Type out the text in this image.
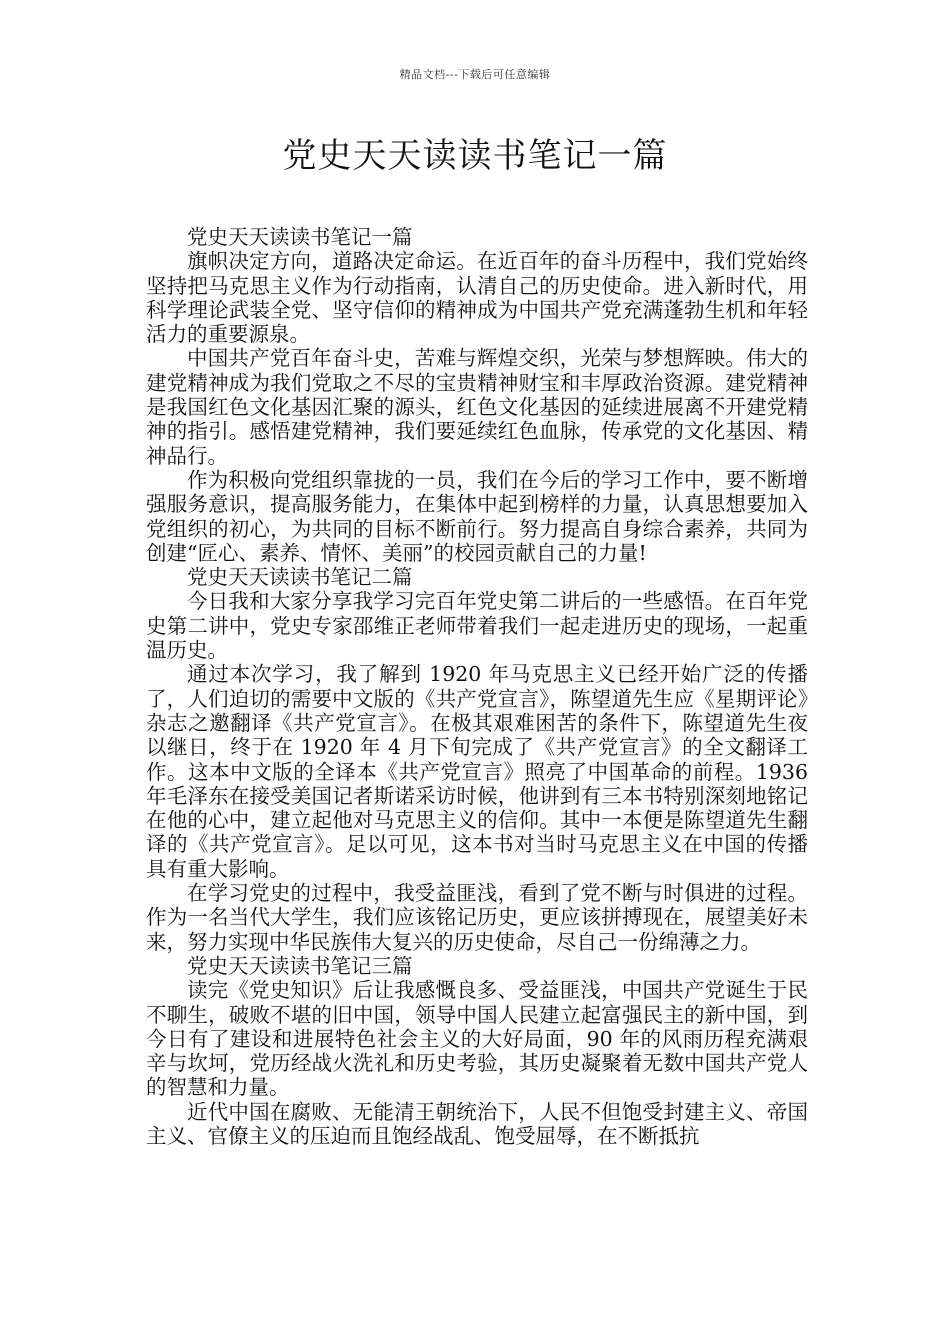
精品文档---下载后可任意编辑
党史天天读读书笔记一篇

党史天天读读书笔记一篇

旗帜决定方向，道路决定命运。在近百年的奋斗历程中，我们党始终坚持把马克思主义作为行动指南，认清自己的历史使命。进入新时代，用科学理论武装全党、坚守信仰的精神成为中国共产党充满蓬勃生机和年轻活力的重要源泉。

中国共产党百年奋斗史，苦难与辉煌交织，光荣与梦想辉映。伟大的建党精神成为我们党取之不尽的宝贵精神财宝和丰厚政治资源。建党精神是我国红色文化基因汇聚的源头，红色文化基因的延续进展离不开建党精神的指引。感悟建党精神，我们要延续红色血脉，传承党的文化基因、精神品行。

作为积极向党组织靠拢的一员，我们在今后的学习工作中，要不断增强服务意识，提高服务能力，在集体中起到榜样的力量，认真思想要加入党组织的初心，为共同的目标不断前行。努力提高自身综合素养，共同为创建“匠心、素养、情怀、美丽”的校园贡献自己的力量!

党史天天读读书笔记二篇

今日我和大家分享我学习完百年党史第二讲后的一些感悟。在百年党史第二讲中，党史专家邵维正老师带着我们一起走进历史的现场，一起重温历史。

通过本次学习，我了解到 1920 年马克思主义已经开始广泛的传播了，人们迫切的需要中文版的《共产党宣言》，陈望道先生应《星期评论》杂志之邀翻译《共产党宣言》。在极其艰难困苦的条件下，陈望道先生夜以继日，终于在 1920 年 4 月下旬完成了《共产党宣言》的全文翻译工作。这本中文版的全译本《共产党宣言》照亮了中国革命的前程。1936 年毛泽东在接受美国记者斯诺采访时候，他讲到有三本书特别深刻地铭记在他的心中，建立起他对马克思主义的信仰。其中一本便是陈望道先生翻译的《共产党宣言》。足以可见，这本书对当时马克思主义在中国的传播具有重大影响。

在学习党史的过程中，我受益匪浅，看到了党不断与时俱进的过程。作为一名当代大学生，我们应该铭记历史，更应该拼搏现在，展望美好未来，努力实现中华民族伟大复兴的历史使命，尽自己一份绵薄之力。

党史天天读读书笔记三篇

读完《党史知识》后让我感慨良多、受益匪浅，中国共产党诞生于民不聊生，破败不堪的旧中国，领导中国人民建立起富强民主的新中国，到今日有了建设和进展特色社会主义的大好局面，90 年的风雨历程充满艰辛与坎坷，党历经战火洗礼和历史考验，其历史凝聚着无数中国共产党人的智慧和力量。

近代中国在腐败、无能清王朝统治下，人民不但饱受封建主义、帝国主义、官僚主义的压迫而且饱经战乱、饱受屈辱，在不断抵抗
